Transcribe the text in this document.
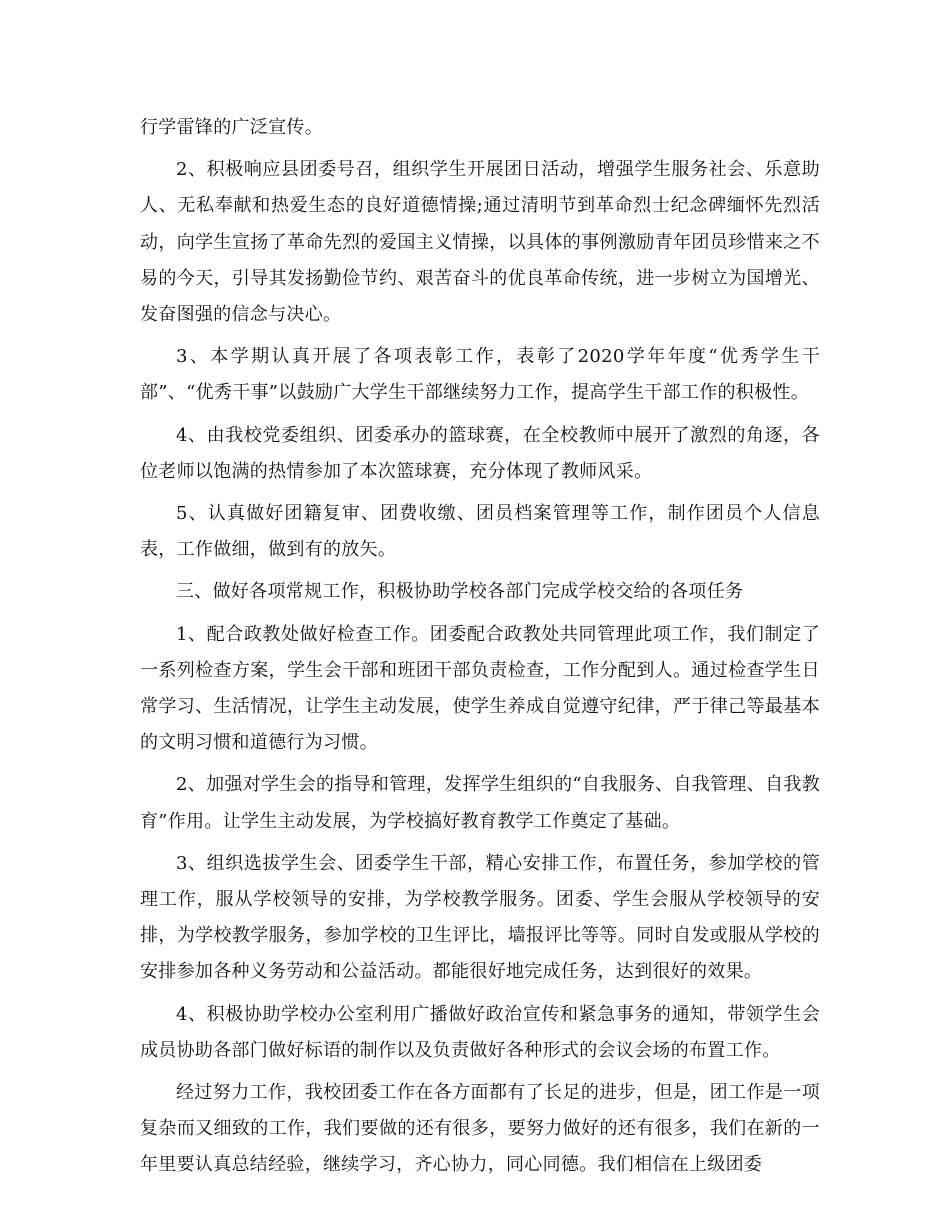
行学雷锋的广泛宣传。

2、积极响应县团委号召，组织学生开展团日活动，增强学生服务社会、乐意助人、无私奉献和热爱生态的良好道德情操;通过清明节到革命烈士纪念碑缅怀先烈活动，向学生宣扬了革命先烈的爱国主义情操，以具体的事例激励青年团员珍惜来之不易的今天，引导其发扬勤俭节约、艰苦奋斗的优良革命传统，进一步树立为国增光、发奋图强的信念与决心。

3、本学期认真开展了各项表彰工作，表彰了2020学年年度“优秀学生干部”、“优秀干事”以鼓励广大学生干部继续努力工作，提高学生干部工作的积极性。

4、由我校党委组织、团委承办的篮球赛，在全校教师中展开了激烈的角逐，各位老师以饱满的热情参加了本次篮球赛，充分体现了教师风采。

5、认真做好团籍复审、团费收缴、团员档案管理等工作，制作团员个人信息表，工作做细，做到有的放矢。

三、做好各项常规工作，积极协助学校各部门完成学校交给的各项任务

1、配合政教处做好检查工作。团委配合政教处共同管理此项工作，我们制定了一系列检查方案，学生会干部和班团干部负责检查，工作分配到人。通过检查学生日常学习、生活情况，让学生主动发展，使学生养成自觉遵守纪律，严于律己等最基本的文明习惯和道德行为习惯。

2、加强对学生会的指导和管理，发挥学生组织的“自我服务、自我管理、自我教育”作用。让学生主动发展，为学校搞好教育教学工作奠定了基础。

3、组织选拔学生会、团委学生干部，精心安排工作，布置任务，参加学校的管理工作，服从学校领导的安排，为学校教学服务。团委、学生会服从学校领导的安排，为学校教学服务，参加学校的卫生评比，墙报评比等等。同时自发或服从学校的安排参加各种义务劳动和公益活动。都能很好地完成任务，达到很好的效果。

4、积极协助学校办公室利用广播做好政治宣传和紧急事务的通知，带领学生会成员协助各部门做好标语的制作以及负责做好各种形式的会议会场的布置工作。

经过努力工作，我校团委工作在各方面都有了长足的进步，但是，团工作是一项复杂而又细致的工作，我们要做的还有很多，要努力做好的还有很多，我们在新的一年里要认真总结经验，继续学习，齐心协力，同心同德。我们相信在上级团委
